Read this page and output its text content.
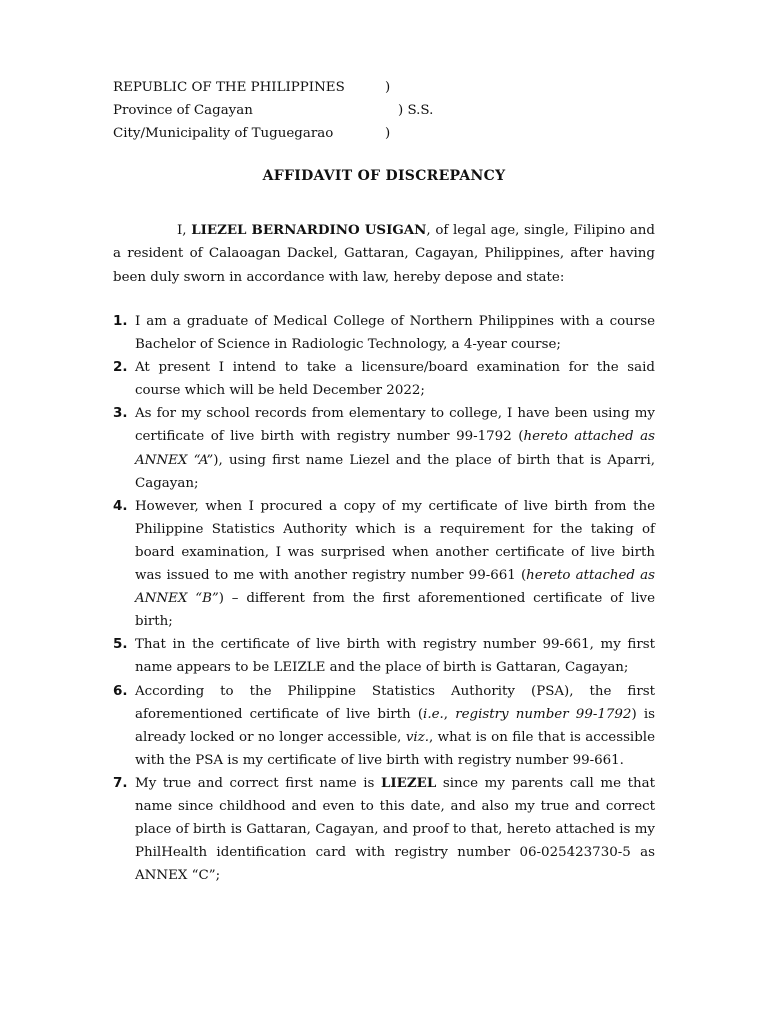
REPUBLIC OF THE PHILIPPINES	)
Province of Cagayan	) S.S.
City/Municipality of Tuguegarao	)
AFFIDAVIT OF DISCREPANCY
I, LIEZEL BERNARDINO USIGAN, of legal age, single, Filipino and a resident of Calaoagan Dackel, Gattaran, Cagayan, Philippines, after having been duly sworn in accordance with law, hereby depose and state:
1. I am a graduate of Medical College of Northern Philippines with a course Bachelor of Science in Radiologic Technology, a 4-year course;
2. At present I intend to take a licensure/board examination for the said course which will be held December 2022;
3. As for my school records from elementary to college, I have been using my certificate of live birth with registry number 99-1792 (hereto attached as ANNEX “A”), using first name Liezel and the place of birth that is Aparri, Cagayan;
4. However, when I procured a copy of my certificate of live birth from the Philippine Statistics Authority which is a requirement for the taking of board examination, I was surprised when another certificate of live birth was issued to me with another registry number 99-661 (hereto attached as ANNEX “B”) – different from the first aforementioned certificate of live birth;
5. That in the certificate of live birth with registry number 99-661, my first name appears to be LEIZLE and the place of birth is Gattaran, Cagayan;
6. According to the Philippine Statistics Authority (PSA), the first aforementioned certificate of live birth (i.e., registry number 99-1792) is already locked or no longer accessible, viz., what is on file that is accessible with the PSA is my certificate of live birth with registry number 99-661.
7. My true and correct first name is LIEZEL since my parents call me that name since childhood and even to this date, and also my true and correct place of birth is Gattaran, Cagayan, and proof to that, hereto attached is my PhilHealth identification card with registry number 06-025423730-5 as ANNEX “C”;
